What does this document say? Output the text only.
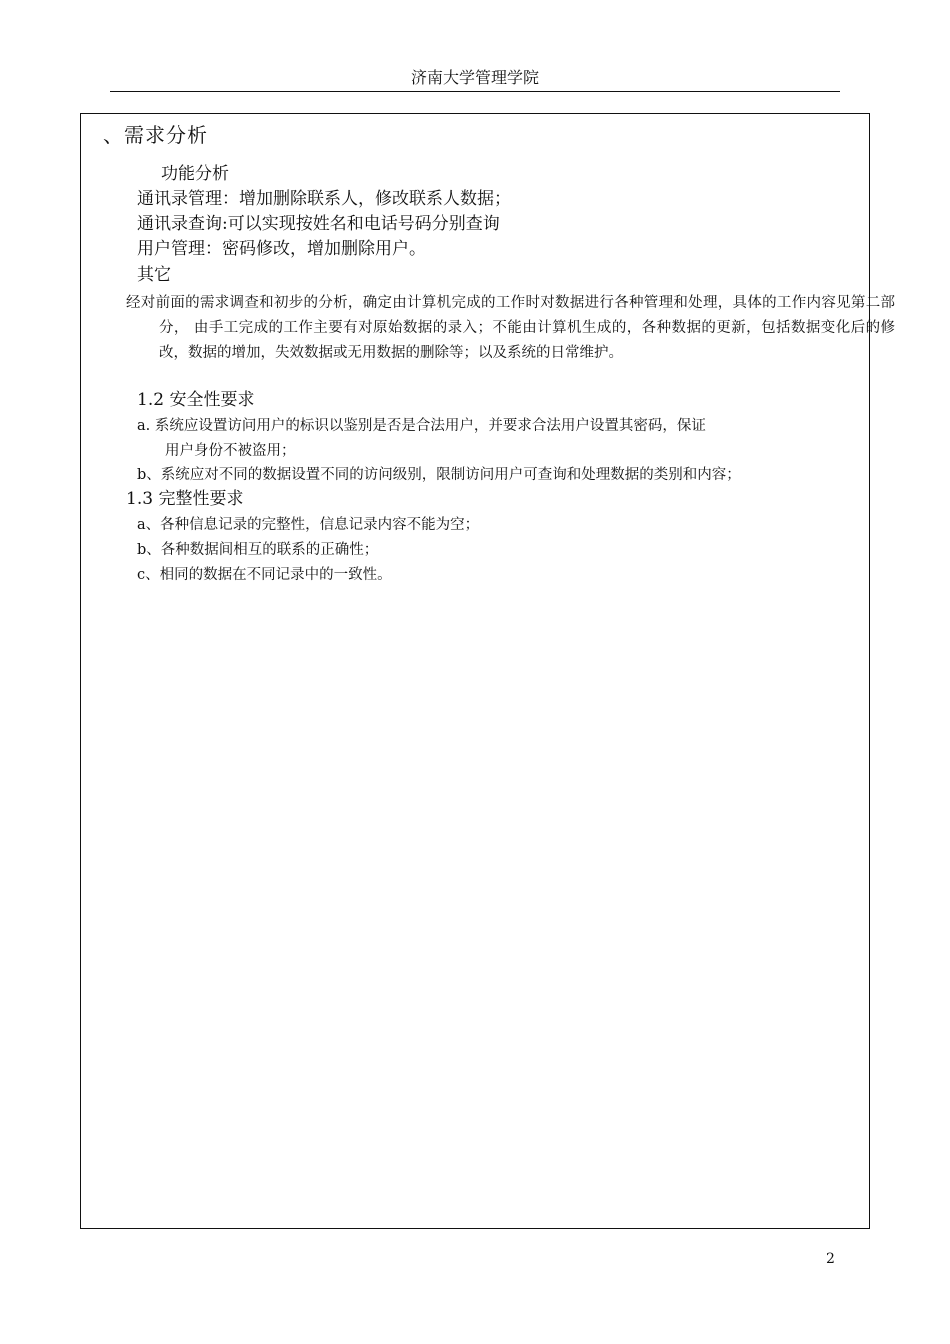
济南大学管理学院
、需求分析
功能分析
通讯录管理：增加删除联系人，修改联系人数据；
通讯录查询:可以实现按姓名和电话号码分别查询
用户管理：密码修改，增加删除用户。
其它
经对前面的需求调查和初步的分析，确定由计算机完成的工作时对数据进行各种管理和处理，具体的工作内容见第二部分， 由手工完成的工作主要有对原始数据的录入；不能由计算机生成的，各种数据的更新，包括数据变化后的修改，数据的增加，失效数据或无用数据的删除等；以及系统的日常维护。
1.2 安全性要求
a. 系统应设置访问用户的标识以鉴别是否是合法用户，并要求合法用户设置其密码，保证
用户身份不被盗用；
b、系统应对不同的数据设置不同的访问级别，限制访问用户可查询和处理数据的类别和内容；
1.3 完整性要求
a、各种信息记录的完整性，信息记录内容不能为空；
b、各种数据间相互的联系的正确性；
c、相同的数据在不同记录中的一致性。
2
